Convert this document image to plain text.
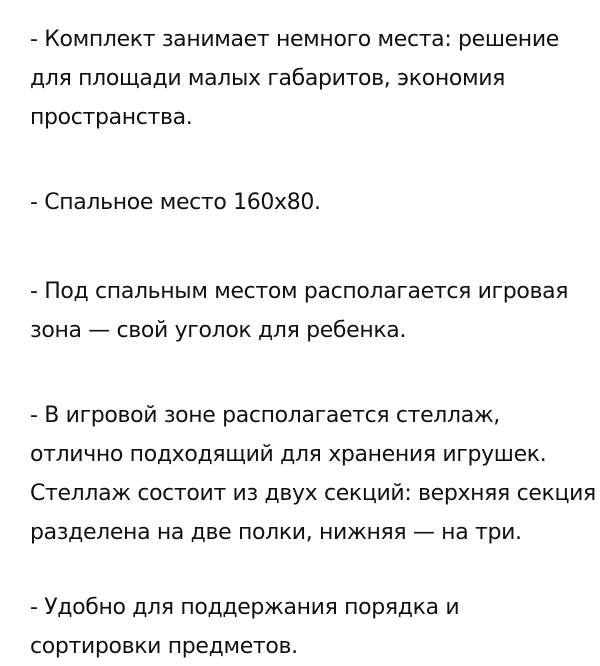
- Комплект занимает немного места: решение
для площади малых габаритов, экономия
пространства.

- Спальное место 160х80.

- Под спальным местом располагается игровая
зона — свой уголок для ребенка.

- В игровой зоне располагается стеллаж,
отлично подходящий для хранения игрушек.
Стеллаж состоит из двух секций: верхняя секция
разделена на две полки, нижняя — на три.

- Удобно для поддержания порядка и
сортировки предметов.
